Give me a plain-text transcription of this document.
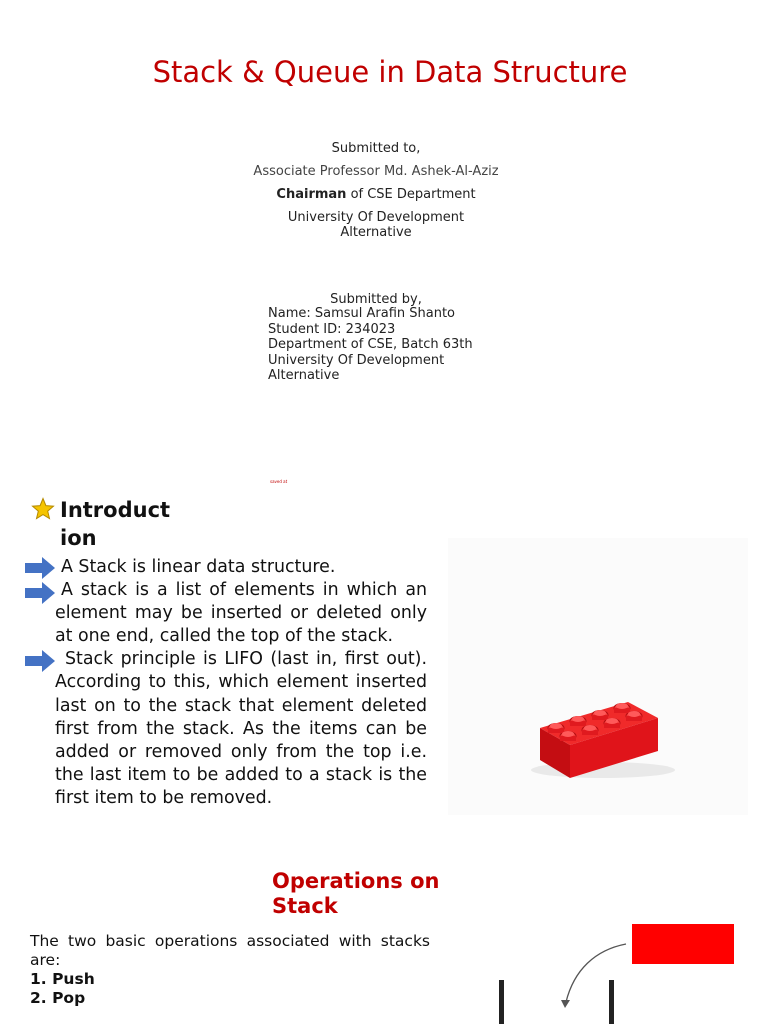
Stack & Queue in Data Structure
Submitted to,
Associate Professor Md. Ashek-Al-Aziz
Chairman of CSE Department
University Of Development
Alternative
Submitted by,
Name: Samsul Arafin Shanto
Student ID: 234023
Department of CSE, Batch 63th
University Of Development
Alternative
saved at
Introduct
ion

A Stack is linear data structure.

A stack is a list of elements in which an element may be inserted or deleted only at one end, called the top of the stack.

Stack principle is LIFO (last in, first out). According to this, which element inserted last on to the stack that element deleted first from the stack. As the items can be added or removed only from the top i.e. the last item to be added to a stack is the first item to be removed.

Operations on
Stack
The two basic operations associated with stacks are:
1. Push
2. Pop
